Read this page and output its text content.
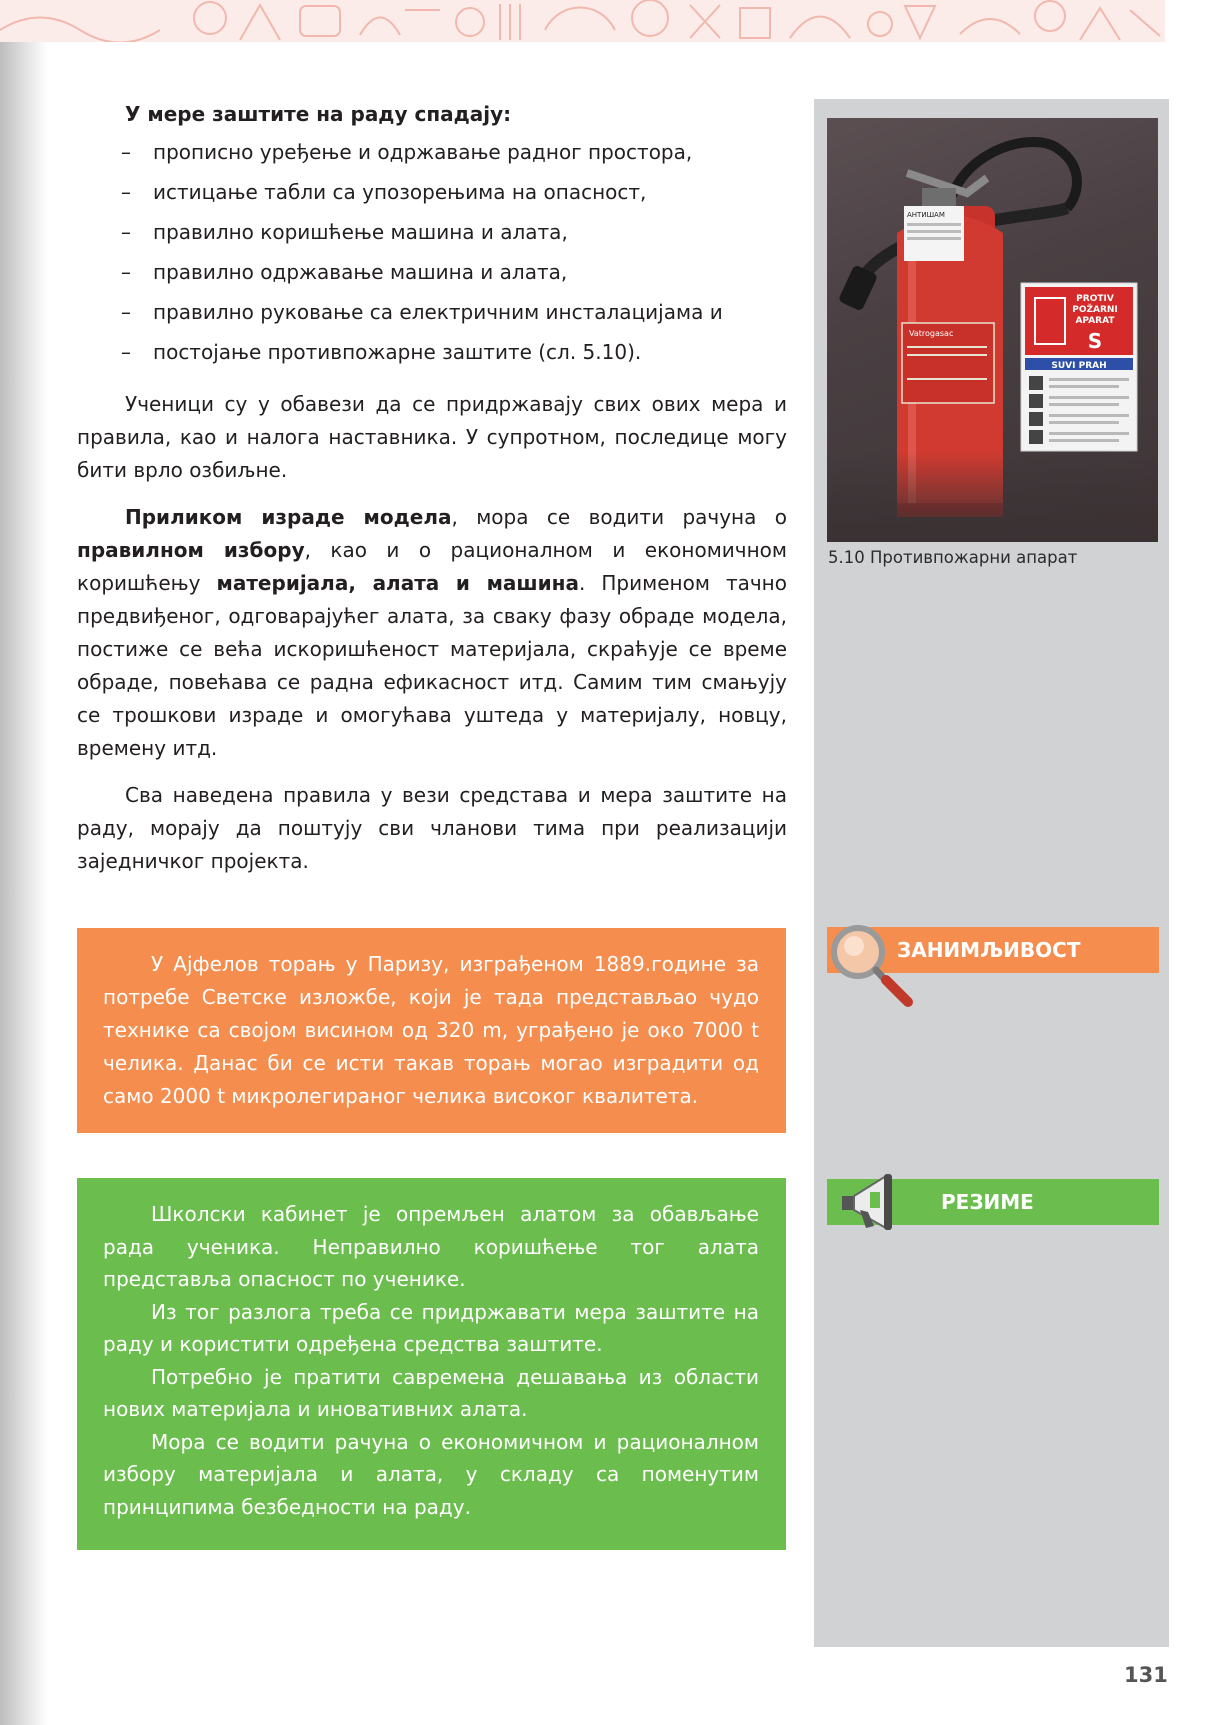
АНТИШАМ
Vatrogasac
PROTIV
POŽARNI
APARAT
S
SUVI PRAH
5.10 Противпожарни апарат
У мере заштите на раду спадају:
– прописно уређење и одржавање радног простора,
– истицање табли са упозорењима на опасност,
– правилно коришћење машина и алата,
– правилно одржавање машина и алата,
– правилно руковање са електричним инсталацијама и
– постојање противпожарне заштите (сл. 5.10).

Ученици су у обавези да се придржавају свих ових мера и правила, као и налога наставника. У супротном, последице могу бити врло озбиљне.

Приликом израде модела, мора се водити рачуна о правилном избору, као и о рационалном и економичном коришћењу материјала, алата и машина. Применом тачно предвиђеног, одговарајућег алата, за сваку фазу обраде модела, постиже се већа искоришћеност материјала, скраћује се време обраде, повећава се радна ефикасност итд. Самим тим смањују се трошкови израде и омогућава уштеда у материјалу, новцу, времену итд.

Сва наведена правила у вези средстава и мера заштите на раду, морају да поштују сви чланови тима при реализацији заједничког пројекта.

У Ајфелов торањ у Паризу, изграђеном 1889.године за потребе Светске изложбе, који је тада представљао чудо технике са својом висином од 320 m, уграђено је око 7000 t челика. Данас би се исти такав торањ могао изградити од само 2000 t микролегираног челика високог квалитета.
ЗАНИМЉИВОСТ

Школски кабинет је опремљен алатом за обављање рада ученика. Неправилно коришћење тог алата представља опасност по ученике.

Из тог разлога треба се придржавати мера заштите на раду и користити одређена средства заштите.

Потребно је пратити савремена дешавања из области нових материјала и иновативних алата.

Мора се водити рачуна о економичном и рационалном избору материјала и алата, у складу са поменутим принципима безбедности на раду.

РЕЗИМЕ
131
